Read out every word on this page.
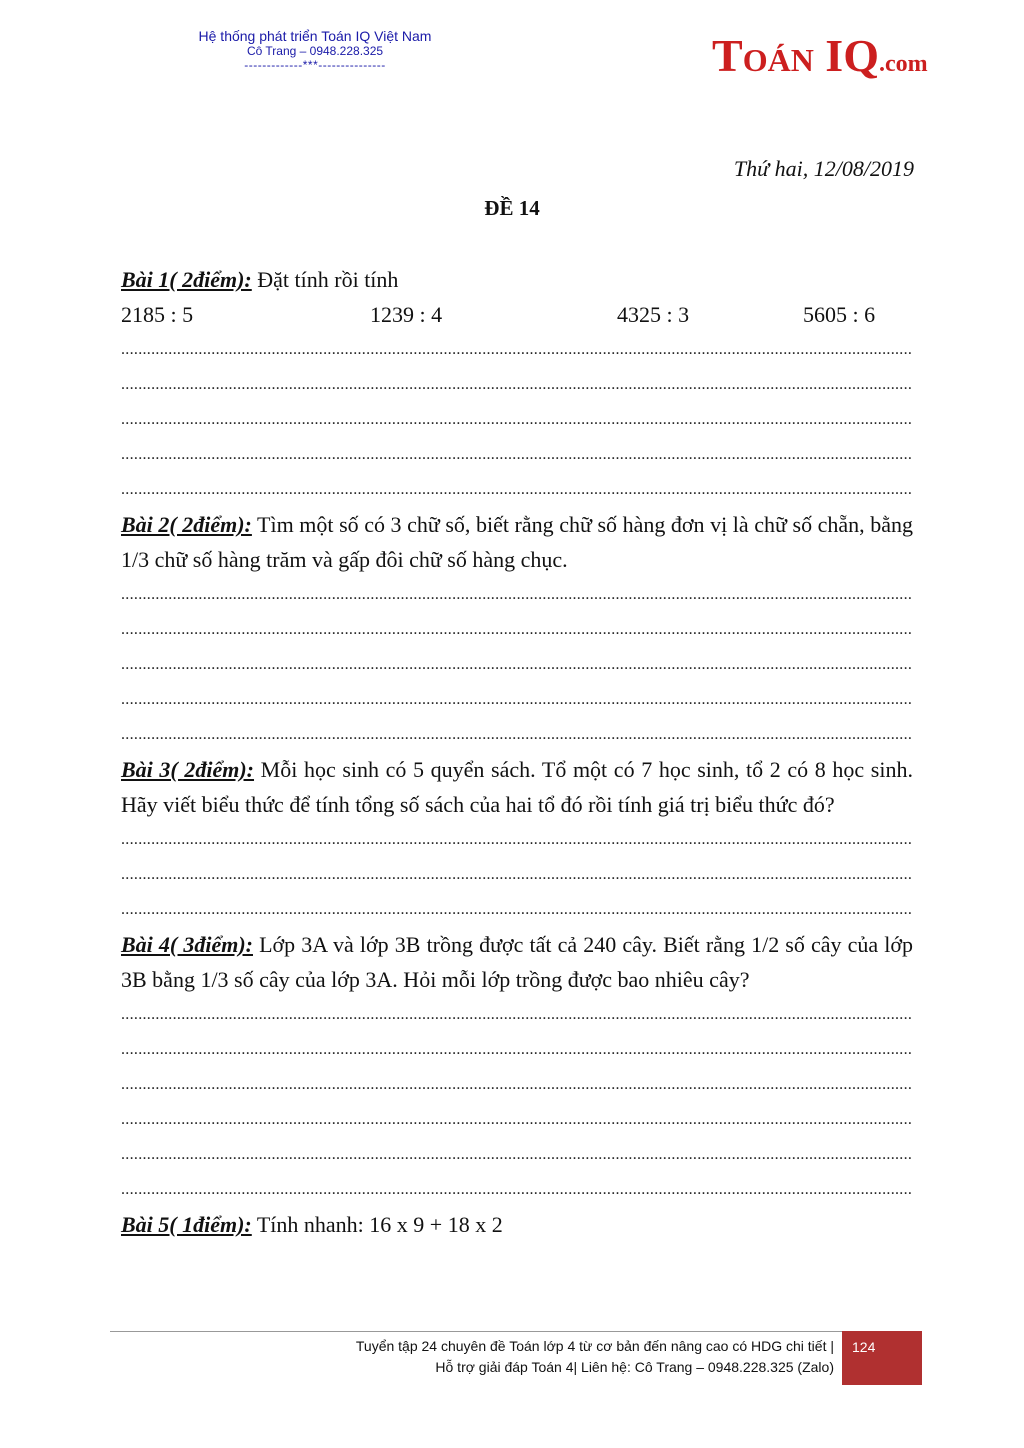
Hệ thống phát triển Toán IQ Việt Nam
Cô Trang – 0948.228.325
-------------***---------------	TOÁN IQ.com
Thứ hai, 12/08/2019
ĐỀ 14

Bài 1( 2điểm): Đặt tính rồi tính

2185 : 5	1239 : 4	4325 : 3	5605 : 6
.....
.....
.....
.....
.....

Bài 2( 2điểm): Tìm một số có 3 chữ số, biết rằng chữ số hàng đơn vị là chữ số chẵn, bằng 1/3 chữ số hàng trăm và gấp đôi chữ số hàng chục.

.....
.....
.....
.....
.....

Bài 3( 2điểm): Mỗi học sinh có 5 quyển sách. Tổ một có 7 học sinh, tổ 2 có 8 học sinh. Hãy viết biểu thức để tính tổng số sách của hai tổ đó rồi tính giá trị biểu thức đó?

.....
.....
.....

Bài 4( 3điểm): Lớp 3A và lớp 3B trồng được tất cả 240 cây. Biết rằng 1/2 số cây của lớp 3B bằng 1/3 số cây của lớp 3A. Hỏi mỗi lớp trồng được bao nhiêu cây?

.....
.....
.....
.....
.....
.....

Bài 5( 1điểm): Tính nhanh: 16 x 9 + 18 x 2

Tuyển tập 24 chuyên đề Toán lớp 4 từ cơ bản đến nâng cao có HDG chi tiết |
Hỗ trợ giải đáp Toán 4| Liên hệ: Cô Trang – 0948.228.325 (Zalo)
124
